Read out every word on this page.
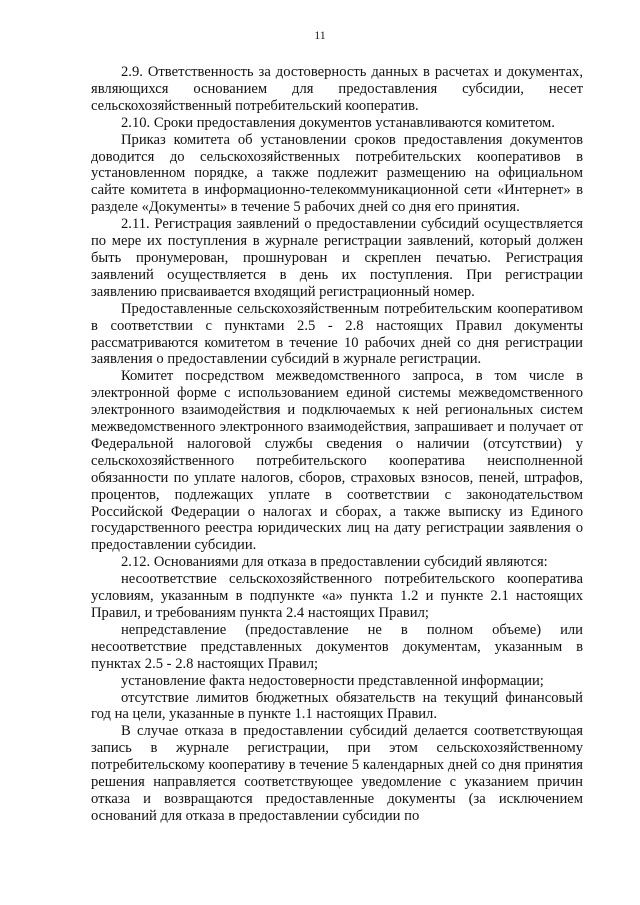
11

2.9. Ответственность за достоверность данных в расчетах и документах, являющихся основанием для предоставления субсидии, несет сельскохозяйственный потребительский кооператив.

2.10. Сроки предоставления документов устанавливаются комитетом.

Приказ комитета об установлении сроков предоставления документов доводится до сельскохозяйственных потребительских кооперативов в установленном порядке, а также подлежит размещению на официальном сайте комитета в информационно-телекоммуникационной сети «Интернет» в разделе «Документы» в течение 5 рабочих дней со дня его принятия.

2.11. Регистрация заявлений о предоставлении субсидий осуществляется по мере их поступления в журнале регистрации заявлений, который должен быть пронумерован, прошнурован и скреплен печатью. Регистрация заявлений осуществляется в день их поступления. При регистрации заявлению присваивается входящий регистрационный номер.

Предоставленные сельскохозяйственным потребительским кооперативом в соответствии с пунктами 2.5 - 2.8 настоящих Правил документы рассматриваются комитетом в течение 10 рабочих дней со дня регистрации заявления о предоставлении субсидий в журнале регистрации.

Комитет посредством межведомственного запроса, в том числе в электронной форме с использованием единой системы межведомственного электронного взаимодействия и подключаемых к ней региональных систем межведомственного электронного взаимодействия, запрашивает и получает от Федеральной налоговой службы сведения о наличии (отсутствии) у сельскохозяйственного потребительского кооператива неисполненной обязанности по уплате налогов, сборов, страховых взносов, пеней, штрафов, процентов, подлежащих уплате в соответствии с законодательством Российской Федерации о налогах и сборах, а также выписку из Единого государственного реестра юридических лиц на дату регистрации заявления о предоставлении субсидии.

2.12. Основаниями для отказа в предоставлении субсидий являются:

несоответствие сельскохозяйственного потребительского кооператива условиям, указанным в подпункте «а» пункта 1.2 и пункте 2.1 настоящих Правил, и требованиям пункта 2.4 настоящих Правил;

непредставление (предоставление не в полном объеме) или несоответствие представленных документов документам, указанным в пунктах 2.5 - 2.8 настоящих Правил;

установление факта недостоверности представленной информации;

отсутствие лимитов бюджетных обязательств на текущий финансовый год на цели, указанные в пункте 1.1 настоящих Правил.

В случае отказа в предоставлении субсидий делается соответствующая запись в журнале регистрации, при этом сельскохозяйственному потребительскому кооперативу в течение 5 календарных дней со дня принятия решения направляется соответствующее уведомление с указанием причин отказа и возвращаются предоставленные документы (за исключением оснований для отказа в предоставлении субсидии по
